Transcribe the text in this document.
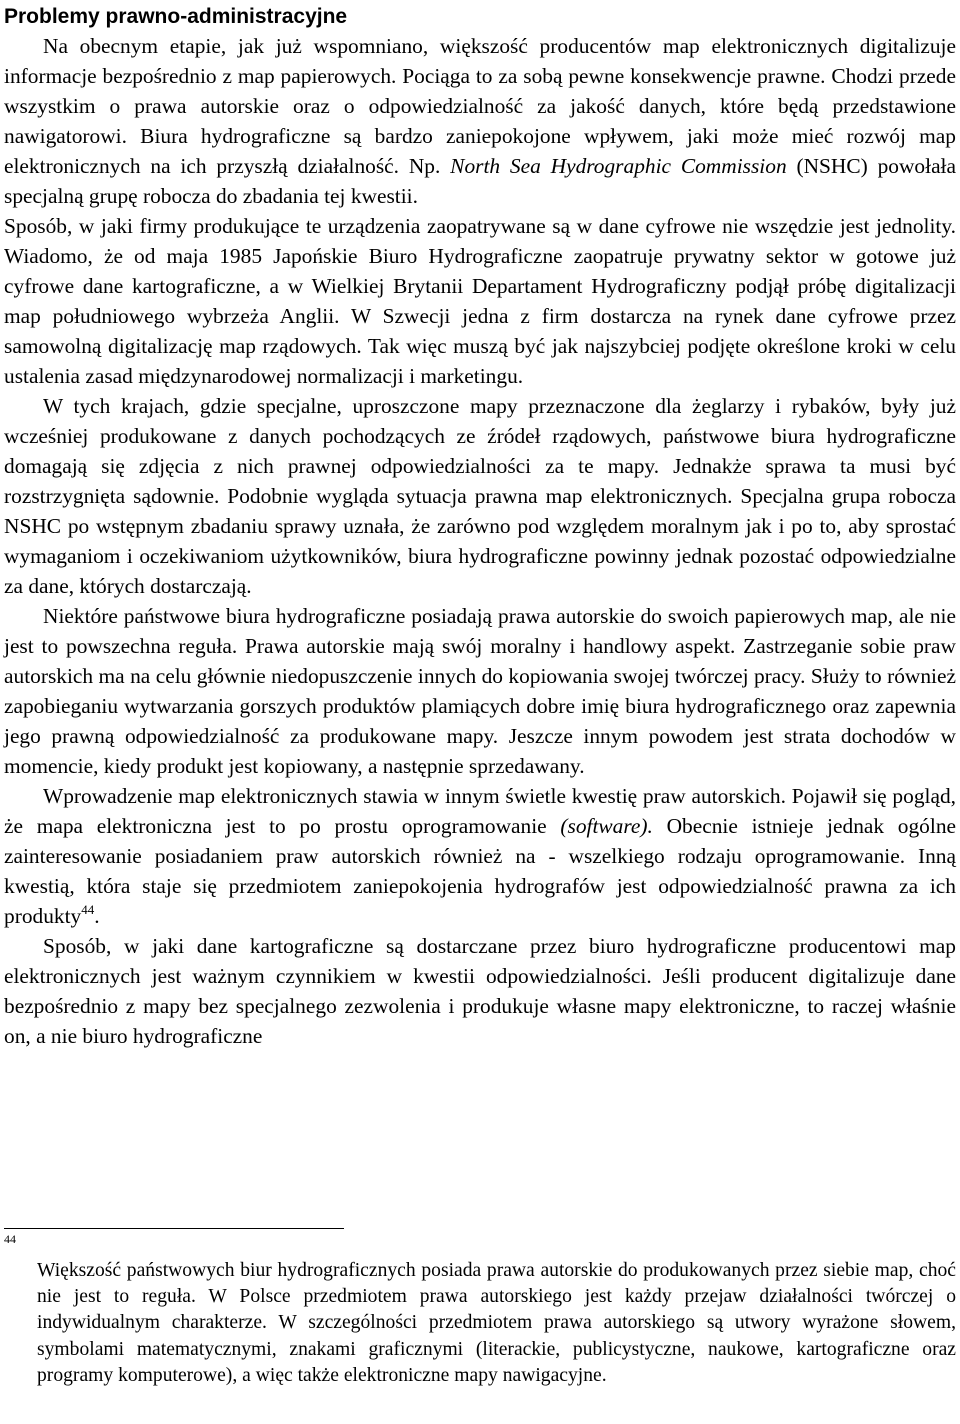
Problemy prawno-administracyjne

Na obecnym etapie, jak już wspomniano, większość producentów map elektronicznych digitalizuje informacje bezpośrednio z map papierowych. Pociąga to za sobą pewne konsekwencje prawne. Chodzi przede wszystkim o prawa autorskie oraz o odpowiedzialność za jakość danych, które będą przedstawione nawigatorowi. Biura hydrograficzne są bardzo zaniepokojone wpływem, jaki może mieć rozwój map elektronicznych na ich przyszłą działalność. Np. North Sea Hydrographic Commission (NSHC) powołała specjalną grupę robocza do zbadania tej kwestii.

Sposób, w jaki firmy produkujące te urządzenia zaopatrywane są w dane cyfrowe nie wszędzie jest jednolity. Wiadomo, że od maja 1985 Japońskie Biuro Hydrograficzne zaopatruje prywatny sektor w gotowe już cyfrowe dane kartograficzne, a w Wielkiej Brytanii Departament Hydrograficzny podjął próbę digitalizacji map południowego wybrzeża Anglii. W Szwecji jedna z firm dostarcza na rynek dane cyfrowe przez samowolną digitalizację map rządowych. Tak więc muszą być jak najszybciej podjęte określone kroki w celu ustalenia zasad międzynarodowej normalizacji i marketingu.

W tych krajach, gdzie specjalne, uproszczone mapy przeznaczone dla żeglarzy i rybaków, były już wcześniej produkowane z danych pochodzących ze źródeł rządowych, państwowe biura hydrograficzne domagają się zdjęcia z nich prawnej odpowiedzialności za te mapy. Jednakże sprawa ta musi być rozstrzygnięta sądownie. Podobnie wygląda sytuacja prawna map elektronicznych. Specjalna grupa robocza NSHC po wstępnym zbadaniu sprawy uznała, że zarówno pod względem moralnym jak i po to, aby sprostać wymaganiom i oczekiwaniom użytkowników, biura hydrograficzne powinny jednak pozostać odpowiedzialne za dane, których dostarczają.

Niektóre państwowe biura hydrograficzne posiadają prawa autorskie do swoich papierowych map, ale nie jest to powszechna reguła. Prawa autorskie mają swój moralny i handlowy aspekt. Zastrzeganie sobie praw autorskich ma na celu głównie niedopuszczenie innych do kopiowania swojej twórczej pracy. Służy to również zapobieganiu wytwarzania gorszych produktów plamiących dobre imię biura hydrograficznego oraz zapewnia jego prawną odpowiedzialność za produkowane mapy. Jeszcze innym powodem jest strata dochodów w momencie, kiedy produkt jest kopiowany, a następnie sprzedawany.

Wprowadzenie map elektronicznych stawia w innym świetle kwestię praw autorskich. Pojawił się pogląd, że mapa elektroniczna jest to po prostu oprogramowanie (software). Obecnie istnieje jednak ogólne zainteresowanie posiadaniem praw autorskich również na - wszelkiego rodzaju oprogramowanie. Inną kwestią, która staje się przedmiotem zaniepokojenia hydrografów jest odpowiedzialność prawna za ich produkty$^{44}$.

Sposób, w jaki dane kartograficzne są dostarczane przez biuro hydrograficzne producentowi map elektronicznych jest ważnym czynnikiem w kwestii odpowiedzialności. Jeśli producent digitalizuje dane bezpośrednio z mapy bez specjalnego zezwolenia i produkuje własne mapy elektroniczne, to raczej właśnie on, a nie biuro hydrograficzne

44

Większość państwowych biur hydrograficznych posiada prawa autorskie do produkowanych przez siebie map, choć nie jest to reguła. W Polsce przedmiotem prawa autorskiego jest każdy przejaw działalności twórczej o indywidualnym charakterze. W szczególności przedmiotem prawa autorskiego są utwory wyrażone słowem, symbolami matematycznymi, znakami graficznymi (literackie, publicystyczne, naukowe, kartograficzne oraz programy komputerowe), a więc także elektroniczne mapy nawigacyjne.
